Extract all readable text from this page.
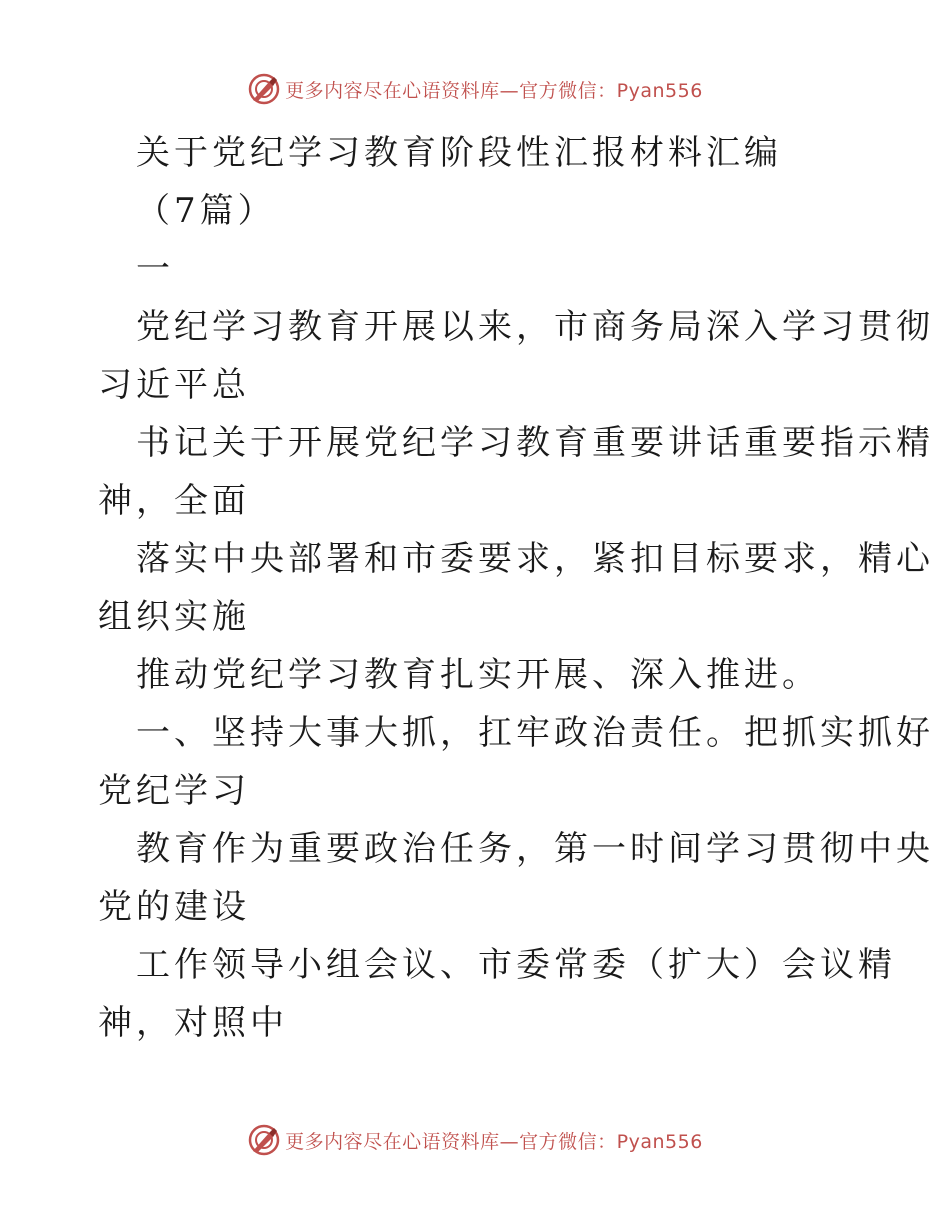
更多内容尽在心语资料库—官方微信：Pyan556
关于党纪学习教育阶段性汇报材料汇编
（7篇）
一
党纪学习教育开展以来，市商务局深入学习贯彻
习近平总
书记关于开展党纪学习教育重要讲话重要指示精
神，全面
落实中央部署和市委要求，紧扣目标要求，精心
组织实施
推动党纪学习教育扎实开展、深入推进。
一、坚持大事大抓，扛牢政治责任。把抓实抓好
党纪学习
教育作为重要政治任务，第一时间学习贯彻中央
党的建设
工作领导小组会议、市委常委（扩大）会议精
神，对照中
更多内容尽在心语资料库—官方微信：Pyan556
